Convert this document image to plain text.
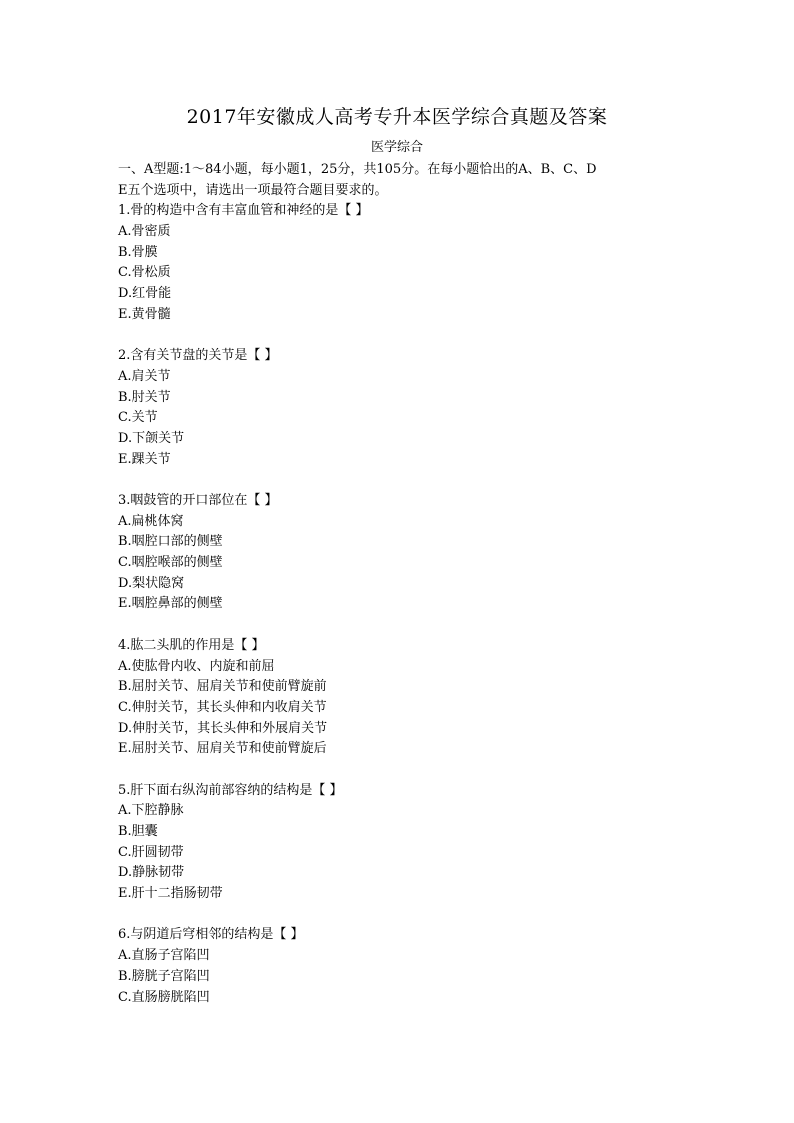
2017年安徽成人高考专升本医学综合真题及答案
医学综合
一、A型题:1～84小题，每小题1，25分，共105分。在每小题恰出的A、B、C、D
E五个选项中，请选出一项最符合题目要求的。
1.骨的构造中含有丰富血管和神经的是【 】
A.骨密质
B.骨膜
C.骨松质
D.红骨能
E.黄骨髓
2.含有关节盘的关节是【 】
A.肩关节
B.肘关节
C.关节
D.下颌关节
E.踝关节
3.咽鼓管的开口部位在【 】
A.扁桃体窝
B.咽腔口部的侧壁
C.咽腔喉部的侧壁
D.梨状隐窝
E.咽腔鼻部的侧壁
4.肱二头肌的作用是【 】
A.使肱骨内收、内旋和前屈
B.屈肘关节、屈肩关节和使前臂旋前
C.伸肘关节，其长头伸和内收肩关节
D.伸肘关节，其长头伸和外展肩关节
E.屈肘关节、屈肩关节和使前臂旋后
5.肝下面右纵沟前部容纳的结构是【 】
A.下腔静脉
B.胆囊
C.肝圆韧带
D.静脉韧带
E.肝十二指肠韧带
6.与阴道后穹相邻的结构是【 】
A.直肠子宫陷凹
B.膀胱子宫陷凹
C.直肠膀胱陷凹
